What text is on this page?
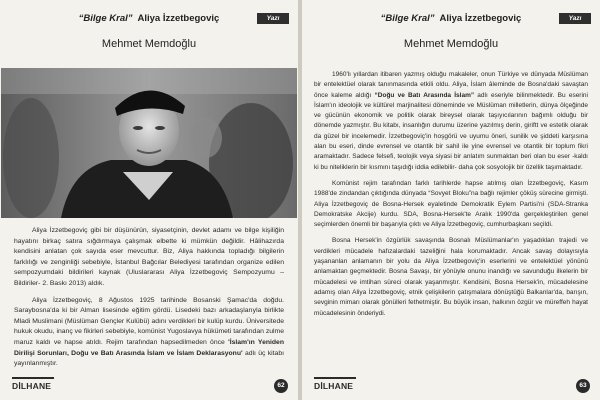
“Bilge Kral” Aliya İzzetbegoviç	Yazı
Mehmet Memdoğlu

Aliya İzzetbegoviç gibi bir düşünürün, siyasetçinin, devlet adamı ve bilge kişiliğin hayatını birkaç satıra sığdırmaya çalışmak elbette ki mümkün değildir. Hâlihazırda kendisini anlatan çok sayıda eser mevcuttur. Biz, Aliya hakkında topladığı bilgilerin farklılığı ve zenginliği sebebiyle, İstanbul Bağcılar Belediyesi tarafından organize edilen sempozyumdaki bildirileri kaynak (Uluslararası Aliya İzzetbegoviç Sempozyumu –Bildiriler- 2. Baskı 2013) aldık.

Aliya İzzetbegoviç, 8 Ağustos 1925 tarihinde Bosanski Şamac'da doğdu. Saraybosna'da ki bir Alman lisesinde eğitim gördü. Lisedeki bazı arkadaşlarıyla birlikte Mladi Muslimani (Müslüman Gençler Kulübü) adını verdikleri bir kulüp kurdu. Üniversitede hukuk okudu, inanç ve fikirleri sebebiyle, komünist Yugoslavya hükümeti tarafından zulme maruz kaldı ve hapse atıldı. Rejim tarafından hapsedilmeden önce 'İslam'ın Yeniden Dirilişi Sorunları, Doğu ve Batı Arasında İslam ve İslam Deklarasyonu' adlı üç kitabı yayınlanmıştır.

DİLHANE	62
“Bilge Kral” Aliya İzzetbegoviç	Yazı
Mehmet Memdoğlu

1960'lı yıllardan itibaren yazmış olduğu makaleler, onun Türkiye ve dünyada Müslüman bir entelektüel olarak tanınmasında etkili oldu. Aliya, İslam âleminde de Bosna'daki savaştan önce kaleme aldığı “Doğu ve Batı Arasında İslam” adlı eseriyle bilinmektedir. Bu eserini İslam'ın ideolojik ve kültürel marjinalitesi döneminde ve Müslüman milletlerin, dünya ölçeğinde ve gücünün ekonomik ve politik olarak bireysel olarak taşıyıcılarının bağımlı olduğu bir dönemde yazmıştır. Bu kitabı, insanlığın durumu üzerine yazılmış derin, giriftt ve estetik olarak da güzel bir incelemedir. İzzetbegoviç'in hoşgörü ve uyumu öneri, sunilik ve şiddeti karşısına alan bu eseri, dinde evrensel ve otantik bir sahil ile yine evrensel ve otantik bir toplum fikri aramaktadır. Sadece felsefi, teolojik veya siyasi bir anlatım sunmaktan beri olan bu eser -kaldı ki bu niteliklerin bir kısmını taşıdığı iddia edilebilir- daha çok sosyolojik bir özellik taşımaktadır.

Komünist rejim tarafından farklı tarihlerde hapse atılmış olan İzzetbegoviç, Kasım 1988'de zindandan çıktığında dünyada “Sovyet Bloku”na bağlı rejimler çöküş sürecine girmişti. Aliya İzzetbegoviç de Bosna-Hersek eyaletinde Demokratik Eylem Partisi'ni (SDA-Stranka Demokratske Akcije) kurdu. SDA, Bosna-Hersek'te Aralık 1990'da gerçekleştirilen genel seçimlerden önemli bir başarıyla çıktı ve Aliya İzzetbegoviç, cumhurbaşkanı seçildi.

Bosna Hersek'in özgürlük savaşında Bosnalı Müslümanlar'ın yaşadıkları trajedi ve verdikleri mücadele hafızalardaki tazeliğini hala korumaktadır. Ancak savaş dolayısıyla yaşananları anlamanın bir yolu da Aliya İzzetbegoviç'in eserlerini ve entelektüel yönünü anlamaktan geçmektedir. Bosna Savaşı, bir yönüyle onunu inandığı ve savunduğu ilkelerin bir mücadelesi ve imtihan süreci olarak yaşanmıştır. Kendisini, Bosna Hersek'in, mücadelesine adamış olan Aliya İzzetbegoviç, etnik çelişkilerin çatışmalara dönüştüğü Balkanlar'da, barışın, sevginin mimarı olarak gönülleri fethetmiştir. Bu büyük insan, halkının özgür ve müreffeh hayat mücadelesinin önderiydi.

DİLHANE	63
